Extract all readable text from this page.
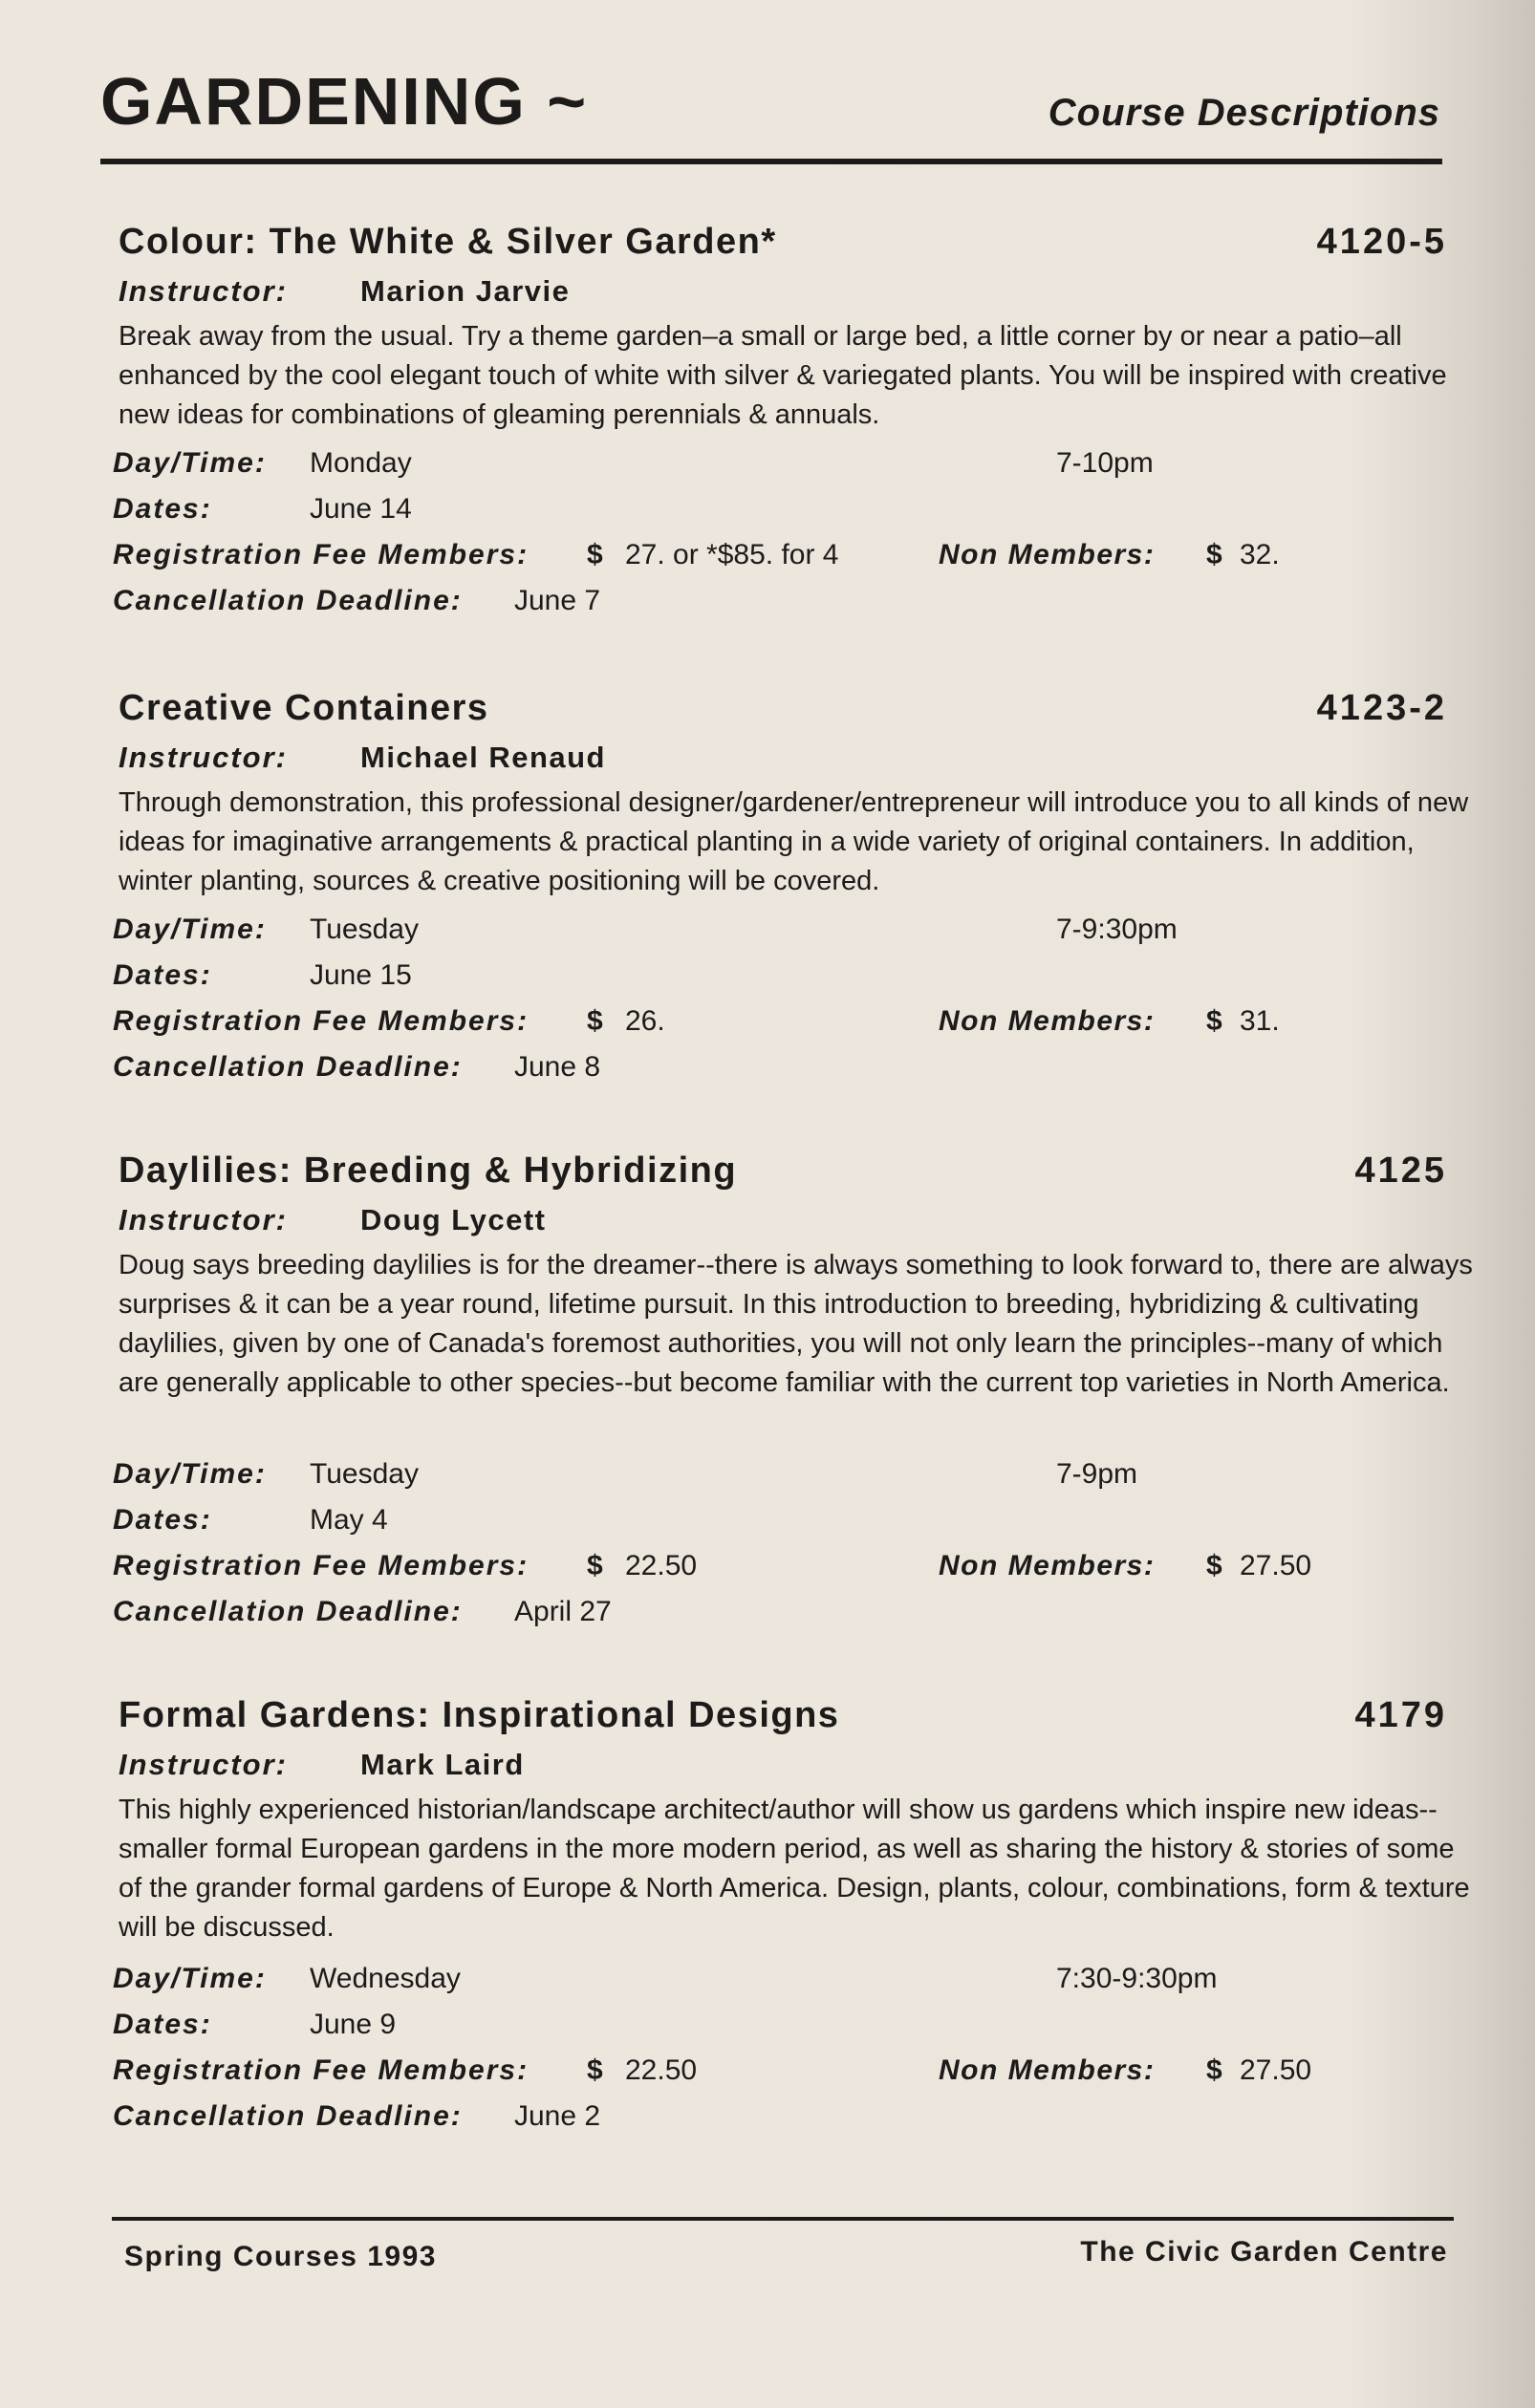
GARDENING ~	Course Descriptions
Colour: The White & Silver Garden*	4120-5
Instructor: Marion Jarvie
Break away from the usual. Try a theme garden–a small or large bed, a little corner by or near a patio–all enhanced by the cool elegant touch of white with silver & variegated plants. You will be inspired with creative new ideas for combinations of gleaming perennials & annuals.
Day/Time: Monday	7-10pm
Dates:	June 14
Registration Fee Members: $ 27. or *$85. for 4	Non Members: $ 32.
Cancellation Deadline: June 7
Creative Containers	4123-2
Instructor: Michael Renaud
Through demonstration, this professional designer/gardener/entrepreneur will introduce you to all kinds of new ideas for imaginative arrangements & practical planting in a wide variety of original containers. In addition, winter planting, sources & creative positioning will be covered.
Day/Time: Tuesday	7-9:30pm
Dates:	June 15
Registration Fee Members: $ 26.	Non Members: $ 31.
Cancellation Deadline: June 8
Daylilies: Breeding & Hybridizing	4125
Instructor: Doug Lycett
Doug says breeding daylilies is for the dreamer--there is always something to look forward to, there are always surprises & it can be a year round, lifetime pursuit. In this introduction to breeding, hybridizing & cultivating daylilies, given by one of Canada's foremost authorities, you will not only learn the principles--many of which are generally applicable to other species--but become familiar with the current top varieties in North America.
Day/Time: Tuesday	7-9pm
Dates:	May 4
Registration Fee Members: $ 22.50	Non Members: $ 27.50
Cancellation Deadline: April 27
Formal Gardens: Inspirational Designs	4179
Instructor: Mark Laird
This highly experienced historian/landscape architect/author will show us gardens which inspire new ideas--smaller formal European gardens in the more modern period, as well as sharing the history & stories of some of the grander formal gardens of Europe & North America. Design, plants, colour, combinations, form & texture will be discussed.
Day/Time: Wednesday	7:30-9:30pm
Dates:	June 9
Registration Fee Members: $ 22.50	Non Members: $ 27.50
Cancellation Deadline: June 2
Spring Courses 1993	The Civic Garden Centre
